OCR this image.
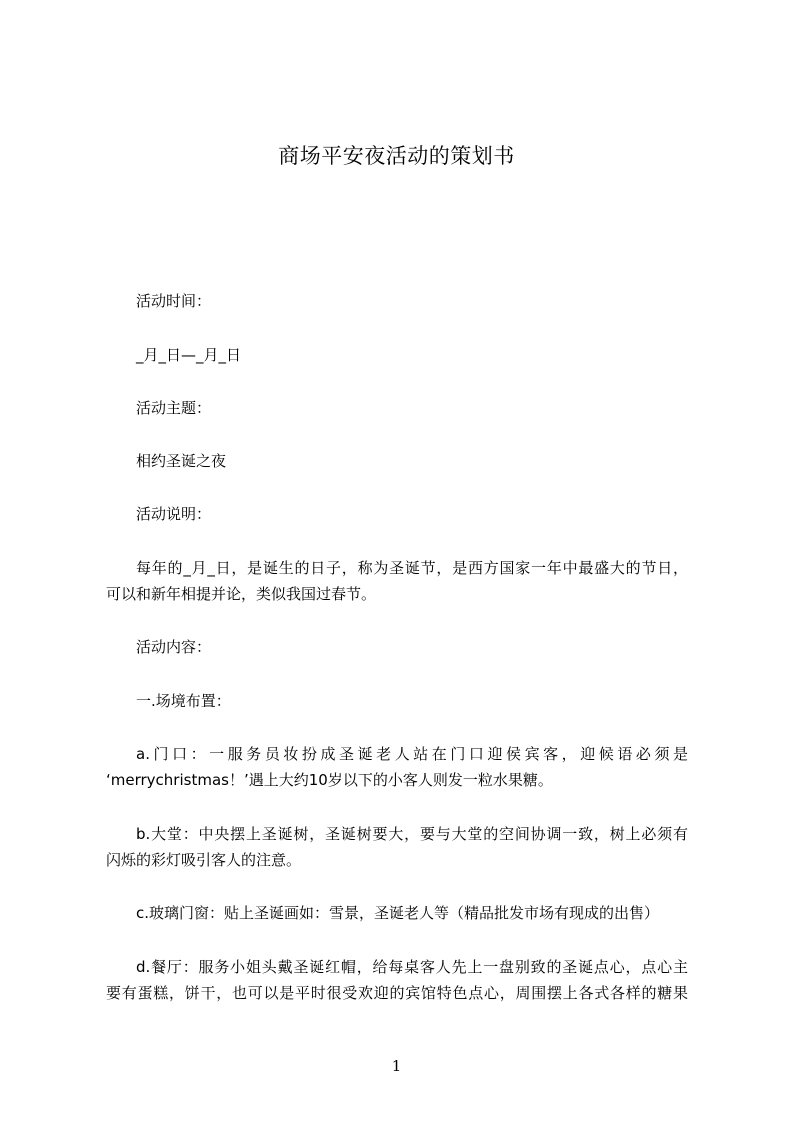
商场平安夜活动的策划书
活动时间：
_月_日—_月_日
活动主题：
相约圣诞之夜
活动说明：
每年的_月_日，是诞生的日子，称为圣诞节，是西方国家一年中最盛大的节日，
可以和新年相提并论，类似我国过春节。
活动内容：
一.场境布置：
a.门口：一服务员妆扮成圣诞老人站在门口迎侯宾客，迎候语必须是
‘merrychristmas！’遇上大约10岁以下的小客人则发一粒水果糖。
b.大堂：中央摆上圣诞树，圣诞树要大，要与大堂的空间协调一致，树上必须有
闪烁的彩灯吸引客人的注意。
c.玻璃门窗：贴上圣诞画如：雪景，圣诞老人等（精品批发市场有现成的出售）
d.餐厅：服务小姐头戴圣诞红帽，给每桌客人先上一盘别致的圣诞点心，点心主
要有蛋糕，饼干，也可以是平时很受欢迎的宾馆特色点心，周围摆上各式各样的糖果
1
